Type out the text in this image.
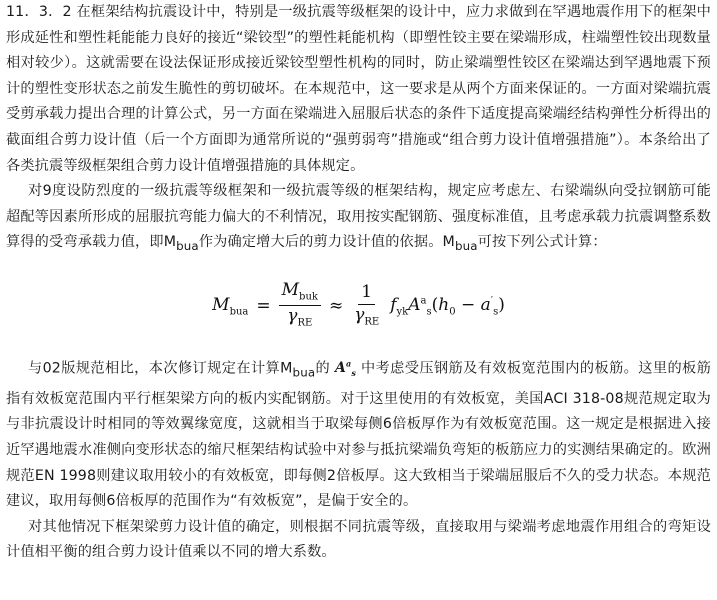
11．3．2 在框架结构抗震设计中，特别是一级抗震等级框架的设计中，应力求做到在罕遇地震作用下的框架中形成延性和塑性耗能能力良好的接近“梁铰型”的塑性耗能机构（即塑性铰主要在梁端形成，柱端塑性铰出现数量相对较少）。这就需要在设法保证形成接近梁铰型塑性机构的同时，防止梁端塑性铰区在梁端达到罕遇地震下预计的塑性变形状态之前发生脆性的剪切破坏。在本规范中，这一要求是从两个方面来保证的。一方面对梁端抗震受剪承载力提出合理的计算公式，另一方面在梁端进入屈服后状态的条件下适度提高梁端经结构弹性分析得出的截面组合剪力设计值（后一个方面即为通常所说的“强剪弱弯”措施或“组合剪力设计值增强措施”）。本条给出了各类抗震等级框架组合剪力设计值增强措施的具体规定。

对9度设防烈度的一级抗震等级框架和一级抗震等级的框架结构，规定应考虑左、右梁端纵向受拉钢筋可能超配等因素所形成的屈服抗弯能力偏大的不利情况，取用按实配钢筋、强度标准值，且考虑承载力抗震调整系数算得的受弯承载力值，即$M_{bua}$作为确定增大后的剪力设计值的依据。$M_{bua}$可按下列公式计算：

$M_{bua} = \frac{M_{buk}}{\gamma_{RE}} \approx \frac{1}{\gamma_{RE}} f_{yk}A^a_s(h_0 - a'_s)$

与02版规范相比，本次修订规定在计算$M_{bua}$的 $A^a_s$ 中考虑受压钢筋及有效板宽范围内的板筋。这里的板筋指有效板宽范围内平行框架梁方向的板内实配钢筋。对于这里使用的有效板宽，美国ACI 318-08规范规定取为与非抗震设计时相同的等效翼缘宽度，这就相当于取梁每侧6倍板厚作为有效板宽范围。这一规定是根据进入接近罕遇地震水准侧向变形状态的缩尺框架结构试验中对参与抵抗梁端负弯矩的板筋应力的实测结果确定的。欧洲规范EN 1998则建议取用较小的有效板宽，即每侧2倍板厚。这大致相当于梁端屈服后不久的受力状态。本规范建议，取用每侧6倍板厚的范围作为“有效板宽”，是偏于安全的。

对其他情况下框架梁剪力设计值的确定，则根据不同抗震等级，直接取用与梁端考虑地震作用组合的弯矩设计值相平衡的组合剪力设计值乘以不同的增大系数。
